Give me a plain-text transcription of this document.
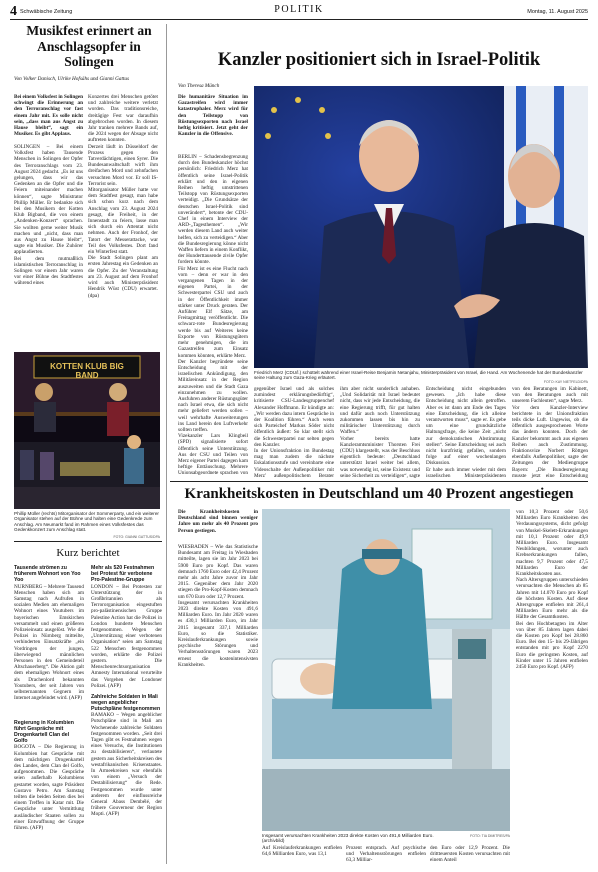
4 Schwäbische Zeitung	POLITIK	Montag, 11. August 2025
Musikfest erinnert an Anschlagsopfer in Solingen
Von Volker Danisch, Ulrike Hofsähs und Gianni Gattus
Bei einem Volksfest in Solingen schwingt die Erinnerung an den Terroranschlag vor fast einem Jahr mit. Es solle nicht sein, „dass man aus Angst zu Hause bleibt“, sagt ein Musiker. Es gibt Applaus.
SOLINGEN – Bei einem Volksfest haben Tausende Menschen in Solingen der Opfer des Terroranschlags vom 23. August 2024 gedacht. „Es ist uns gelungen, dass wir das Gedenken an die Opfer und die Feiern miteinander machen können“, sagte Ministrator Phillip Müller. Er bedankte sich bei den Musikern der Kotten Klub Bigband, die von einem „Andenken-Konzert“ sprachen. Sie wollten gerne weiter Musik machen und „nicht, dass man aus Angst zu Hause bleibt“, sagte ein Musiker. Die Zuhörer applaudierten.
Bei dem mutmaßlich islamistischen Terroranschlag in Solingen vor einem Jahr waren vor einer Bühne des Stadtfestes während eines
Konzertes drei Menschen getötet und zahlreiche weitere verletzt worden. Das traditionsreiche, dreitägige Fest war daraufhin abgebrochen worden. In diesem Jahr tranken mehrere Bands auf, die 2024 wegen der Absage nicht auftreten konnten.
Derzeit läuft in Düsseldorf der Prozess gegen den Tatverdächtigen, einen Syrer. Die Bundesanwaltschaft wirft ihm dreifachen Mord und zehnfachen versuchten Mord vor. Er soll IS-Terrorist sein.
Mitorganisator Müller hatte vor dem Stadtfest gesagt, man habe sich schon kurz nach dem Anschlag vom 23. August 2024 gesagt, die Freiheit, in der Innenstadt zu feiern, lasse man sich durch ein Attentat nicht nehmen. Auch der Fronhof, der Tatort der Messerattacke, war Teil des Volksfestes. Dort fand ein Winterfest statt.
Die Stadt Solingen plant am ersten Jahrestag ein Gedenken an die Opfer. Zu der Veranstaltung am 23. August auf dem Fronhof wird auch Ministerpräsident Hendrik Wüst (CDU) erwartet. (dpa)
KOTTEN KLUB BIG BAND
Phillip Müller (rechts) Mitorganisator der Sommerparty, und ein weiterer Organisator stehen auf der Bühne und halten eine Gedenkrede zum Anschlag. Am Neumarkt fand im Rahmen eines Volksfestes das Gedenkkonzert zum Anschlag statt.
FOTO: GIANNI GATTUS/DPA
Kurz berichtet
Tausende strömen zu früherem Wohnort von Yoo Yoo
NÜRNBERG – Mehrere Tausend Menschen haben sich am Samstag nach Aufrufen in sozialen Medien am ehemaligen Wohnort eines Youtubers im bayerischen Emskirchen versammelt und einen größeren Polizeieinsatz ausgelöst. Wie die Polizei in Nürnberg mitteilte, verhinderten Einsatzkräfte „ein Vordringen der jungen, überwiegend männlichen Personen in den Gemeindeteil Altschauerberg“. Die Aktion galt dem ehemaligen Wohnort eines als Drachenlord bekannten Youtubers, der seit Jahren von selbsternannten Gegnern im Internet angefeindet wird. (AFP)
Regierung in Kolumbien führt Gespräche mit Drogenkartell Clan del Golfo
BOGOTA – Die Regierung in Kolumbien hat Gespräche mit dem mächtigen Drogenkartell des Landes, dem Clan del Golfo, aufgenommen. Die Gespräche seien außerhalb Kolumbiens gestartet worden, sagte Präsident Gustavo Petro. Am Samstag teilten die beiden Seiten dies bei einem Treffen in Katar mit. Die Gespräche unter Vermittlung ausländischer Staaten sollen zu einer Entwaffnung der Gruppe führen. (AFP)
Mehr als 520 Festnahmen bei Protest für verbotene Pro-Palestine-Gruppe
LONDON – Bei Protesten zur Unterstützung der in Großbritannien als Terrororganisation eingestuften pro-palästinensischen Gruppe Palestine Action hat die Polizei in London hunderte Menschen festgenommen. Wegen der „Unterstützung einer verbotenen Organisation“ seien am Samstag 522 Menschen festgenommen worden, erklärte die Polizei gestern. Die Menschenrechtsorganisation Amnesty International verurteilte das Vorgehen der Londoner Polizei. (AFP)
Zahlreiche Soldaten in Mali wegen angeblicher Putschpläne festgenommen
BAMAKO – Wegen angeblicher Putschpläne sind in Mali am Wochenende zahlreiche Soldaten festgenommen worden. „Seit drei Tagen gibt es Festnahmen wegen eines Versuchs, die Institutionen zu destabilisieren“, verlautete gestern aus Sicherheitskreisen des westafrikanischen Krisenstaates. In Armeekreisen war ebenfalls von einem „Versuch der Destabilisierung“ die Rede. Festgenommen wurde unter anderem der einflussreiche General Abass Dembélé, der frühere Gouverneur der Region Mopti. (AFP)
Kanzler positioniert sich in Israel-Politik
Von Theresa Münch
Die humanitäre Situation im Gazastreifen wird immer katastrophaler. Merz wird für den Teilstopp von Rüstungsexporten nach Israel heftig kritisiert. Jetzt geht der Kanzler in die Offensive.
BERLIN – Schadensbegrenzung durch den Bundeskanzler höchst persönlich: Friedrich Merz hat öffentlich seine Israel-Politik erklärt und den in eigenen Reihen heftig umstrittenen Teilstopp von Rüstungsexporten verteidigt. „Die Grundsätze der deutschen Israel-Politik sind unverändert“, betonte der CDU-Chef in einem Interview der ARD-„Tagesthemen“. „Wir werden diesem Land auch weiter helfen, sich zu verteidigen.“ Aber die Bundesregierung könne nicht Waffen liefern in einem Konflikt, der Hunderttausende zivile Opfer fordern könnte.
Für Merz ist es eine Flucht nach vorn – denn er war in den vergangenen Tagen in der eigenen Partei, in der Schwesterpartei CSU und auch in der Öffentlichkeit immer stärker unter Druck geraten. Der Anführer Elf Sätze, am Freitagmittag veröffentlicht. Die schwarz-rote Bundesregierung werde bis auf Weiteres keine Exporte von Rüstungsgütern mehr genehmigen, die im Gazastreifen zum Einsatz kommen könnten, erklärte Merz.
Der Kanzler begründete seine Entscheidung mit der israelischen Ankündigung, den Militäreinsatz in der Region auszuweiten und die Stadt Gaza einzunehmen zu wollen. Ausfuhren anderer Rüstungsgüter nach Israel etwa, die sich nicht mehr geliefert werden sollen – weil wehrhafte Ausweiterungen ins Land herein den Luftverkehr sollten treffen.
Vizekanzler Lars Klingbeil (SPD) signalisierte sofort öffentlich seine Unterstützung. Aus der CSU und Teilen von Merz eigener Partei dagegen kam heftige Enttäuschung. Mehrere Unionsabgeordnete sprachen von

Friedrich Merz (CDU/l.) schüttelt während einer Israel-Reise Benjamin Netanjahu, Ministerpräsident von Israel, die Hand. Am Wochenende hat der Bundeskanzler seine Haltung zum Gaza-Krieg erläutert.
FOTO: KAY NIETFELD/DPA
gegenüber Israel und als solches zumindest erklärungsbedürftig“, kritisierte CSU-Landesgruppenchef Alexander Hoffmann. Er kündigte an: „Wir werden dazu intern Gespräche in der Koalition führen.“ Auch wenn sich Parteichef Markus Söder nicht öffentlich äußert: So klar stellt sich die Schwesterpartei nur selten gegen den Kanzler.
In der Unionsfraktion im Bundestag mag man zudem die nächste Eskalationsstufe und vereinbarte eine Videoschalte der Außenpolitiker mit Merz' außenpolitischem Berater

ihm aber nicht sonderlich anhaben. „Und Solidarität mit Israel bedeutet nicht, dass wir jede Entscheidung, die eine Regierung trifft, für gut halten und dafür auch noch Unterstützung zukommen lassen bis hin zu militärischer Unterstützung durch Waffen.“
Vorher bereits hatte Kanzleramtsminister Thorsten Frei (CDU) klargestellt, was der Beschluss eigentlich bedeute: „Deutschland unterstützt Israel weiter bei allem, was notwendig ist, seine Existenz und seine Sicherheit zu verteidigen“, sagte

Entscheidung nicht eingebunden gewesen. „Ich habe diese Entscheidung nicht allein getroffen. Aber es ist dann am Ende des Tages eine Entscheidung, die ich alleine verantworten muss“, sagte er. Es gebe um eine grundsätzliche Haltungsfrage, die keine Zeit „nicht zur demokratischen Abstimmung stellen“. Seine Entscheidung sei auch nicht kurzfristig gefallen, sondern folge auf einer wochenlangen Diskussion.
Er habe auch immer wieder mit dem israelischen Ministerpräsidenten

von den Beratungen im Kabinett, von den Beratungen auch mit unserem Fachleuten“, sagte Merz.
Vor dem Kanzler-Interview berichtete in der Unionsfraktion teils dicke Luft. Ungewiss, ob die öffentlich ausgesprochenen Worte das ändern konnten. Doch der Kanzler bekommt auch aus eigenen Reihen auch Zustimmung. Fraktionsvize Norbert Röttgen ebenfalls Außenpolitiker, sagte der Zeitungen der Mediengruppe Bayern: „Die Bundesregierung musste jetzt eine Entscheidung

Krankheitskosten in Deutschland um 40 Prozent angestiegen
Die Krankheitskosten in Deutschland sind binnen weniger Jahre um mehr als 40 Prozent pro Person gestiegen.
WIESBADEN – Wie das Statistische Bundesamt am Freitag in Wiesbaden mitteilte, lagen sie im Jahr 2023 bei 5900 Euro pro Kopf. Das waren demnach 1760 Euro oder 42,4 Prozent mehr als acht Jahre zuvor im Jahr 2015. Gegenüber dem Jahr 2020 stiegen die Pro-Kopf-Kosten demnach um 670 Euro oder 12,7 Prozent.
Insgesamt verursachten Krankheiten 2023 direkte Kosten von 491,6 Milliarden Euro. Im Jahr 2020 waren es 430,1 Milliarden Euro, im Jahr 2015 insgesamt 337,1 Milliarden Euro, so die Statistiker. Kreislauferkrankungen sowie psychische Störungen und Verhaltensstörungen waren 2023 erneut die kostenintensivsten Krankheiten.
Insgesamt verursachten Krankheiten 2023 direkte Kosten von 491,6 Milliarden Euro. (archivbild)
FOTO: TIA DIMITRES/PA
von 10,3 Prozent oder 50,6 Milliarden Euro Krankheiten des Verdauungssystems, dicht gefolgt von Muskel-Skelett-Erkrankungen mit 10,1 Prozent oder 49,9 Milliarden Euro. Insgesamt Neubildungen, worunter auch Krebserkrankungen fallen, machten 9,7 Prozent oder 47,5 Milliarden Euro der Krankheitskosten aus.
Nach Altersgruppen unterschieden verursachten die Menschen ab 85 Jahren mit 14.070 Euro pro Kopf die höchsten Kosten. Auf diese Altersgruppe entfielen mit 261,4 Milliarden Euro mehr als die Hälfte der Gesamtkosten.
Bei den Hochbetagten im Alter von über 85 Jahren lagen dabei die Kosten pro Kopf bei 28.860 Euro. Bei den 15- bis 29-Jährigen entstanden mit pro Kopf 2270 Euro die geringsten Kosten, auf Kinder unter 15 Jahren entfielen 2450 Euro pro Kopf. (AFP)
Auf Kreislauferkrankungen entfielen 64,6 Milliarden Euro, was 13,1
Prozent entsprach. Auf psychische und Verhaltensstörungen entfielen 63,3 Milliar-
den Euro oder 12,9 Prozent. Die drittteuersten Kosten verursachten mit einem Anteil
